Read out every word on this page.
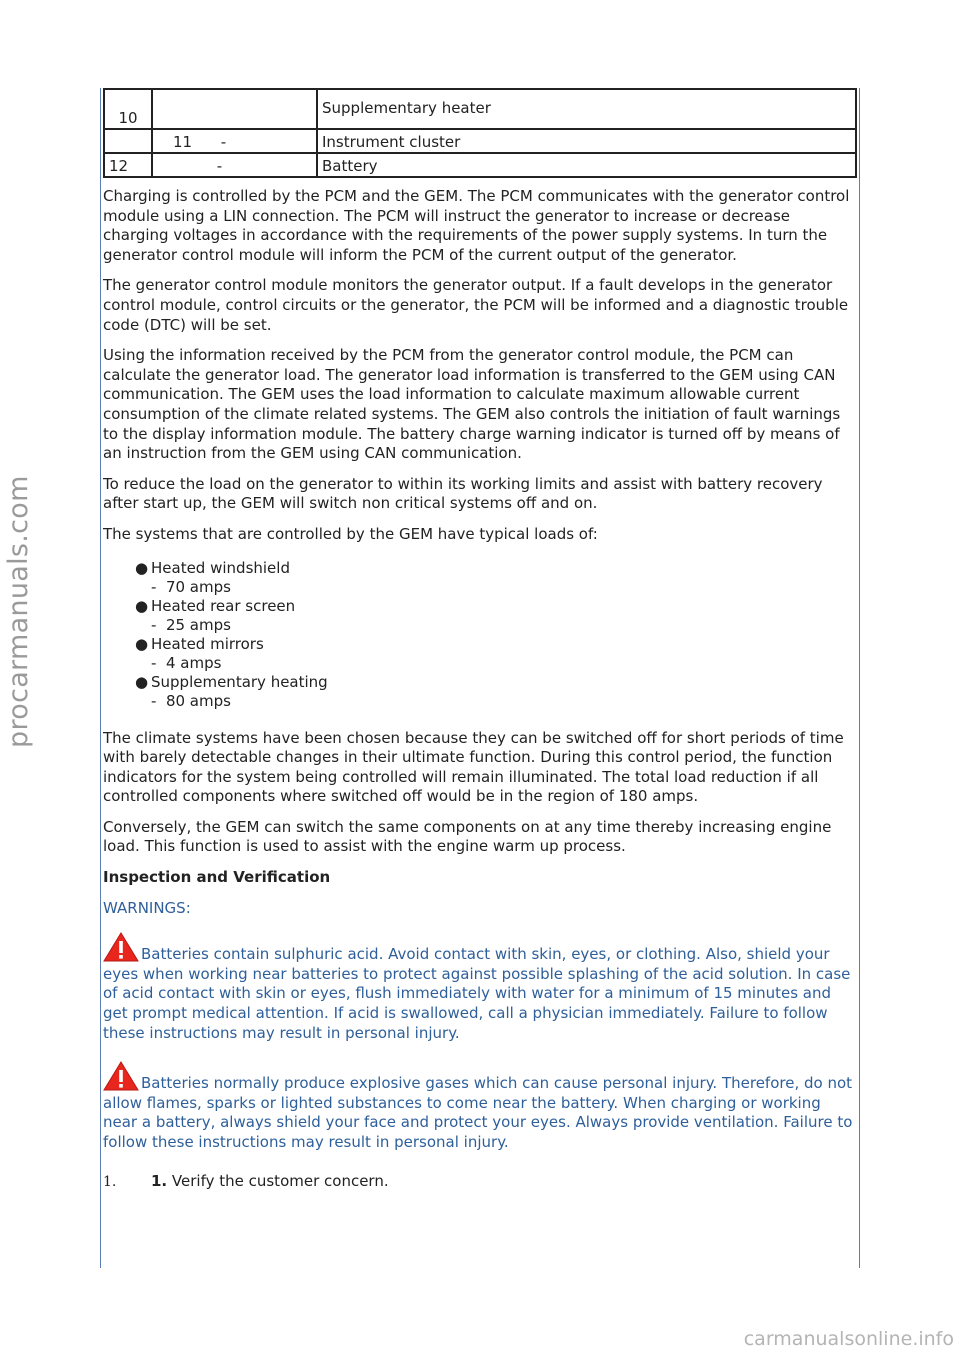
procarmanuals.com
10		Supplementary heater
	11      -	Instrument cluster
12	-	Battery

Charging is controlled by the PCM and the GEM. The PCM communicates with the generator control module using a LIN connection. The PCM will instruct the generator to increase or decrease charging voltages in accordance with the requirements of the power supply systems. In turn the generator control module will inform the PCM of the current output of the generator.

The generator control module monitors the generator output. If a fault develops in the generator control module, control circuits or the generator, the PCM will be informed and a diagnostic trouble code (DTC) will be set.

Using the information received by the PCM from the generator control module, the PCM can calculate the generator load. The generator load information is transferred to the GEM using CAN communication. The GEM uses the load information to calculate maximum allowable current consumption of the climate related systems. The GEM also controls the initiation of fault warnings to the display information module. The battery charge warning indicator is turned off by means of an instruction from the GEM using CAN communication.

To reduce the load on the generator to within its working limits and assist with battery recovery after start up, the GEM will switch non critical systems off and on.

The systems that are controlled by the GEM have typical loads of:

● Heated windshield
-  70 amps
● Heated rear screen
-  25 amps
● Heated mirrors
-  4 amps
● Supplementary heating
-  80 amps

The climate systems have been chosen because they can be switched off for short periods of time with barely detectable changes in their ultimate function. During this control period, the function indicators for the system being controlled will remain illuminated. The total load reduction if all controlled components where switched off would be in the region of 180 amps.

Conversely, the GEM can switch the same components on at any time thereby increasing engine load. This function is used to assist with the engine warm up process.

Inspection and Verification

WARNINGS:

Batteries contain sulphuric acid. Avoid contact with skin, eyes, or clothing. Also, shield your eyes when working near batteries to protect against possible splashing of the acid solution. In case of acid contact with skin or eyes, flush immediately with water for a minimum of 15 minutes and get prompt medical attention. If acid is swallowed, call a physician immediately. Failure to follow these instructions may result in personal injury.
Batteries normally produce explosive gases which can cause personal injury. Therefore, do not allow flames, sparks or lighted substances to come near the battery. When charging or working near a battery, always shield your face and protect your eyes. Always provide ventilation. Failure to follow these instructions may result in personal injury.
1. 1. Verify the customer concern.
carmanualsonline.info
